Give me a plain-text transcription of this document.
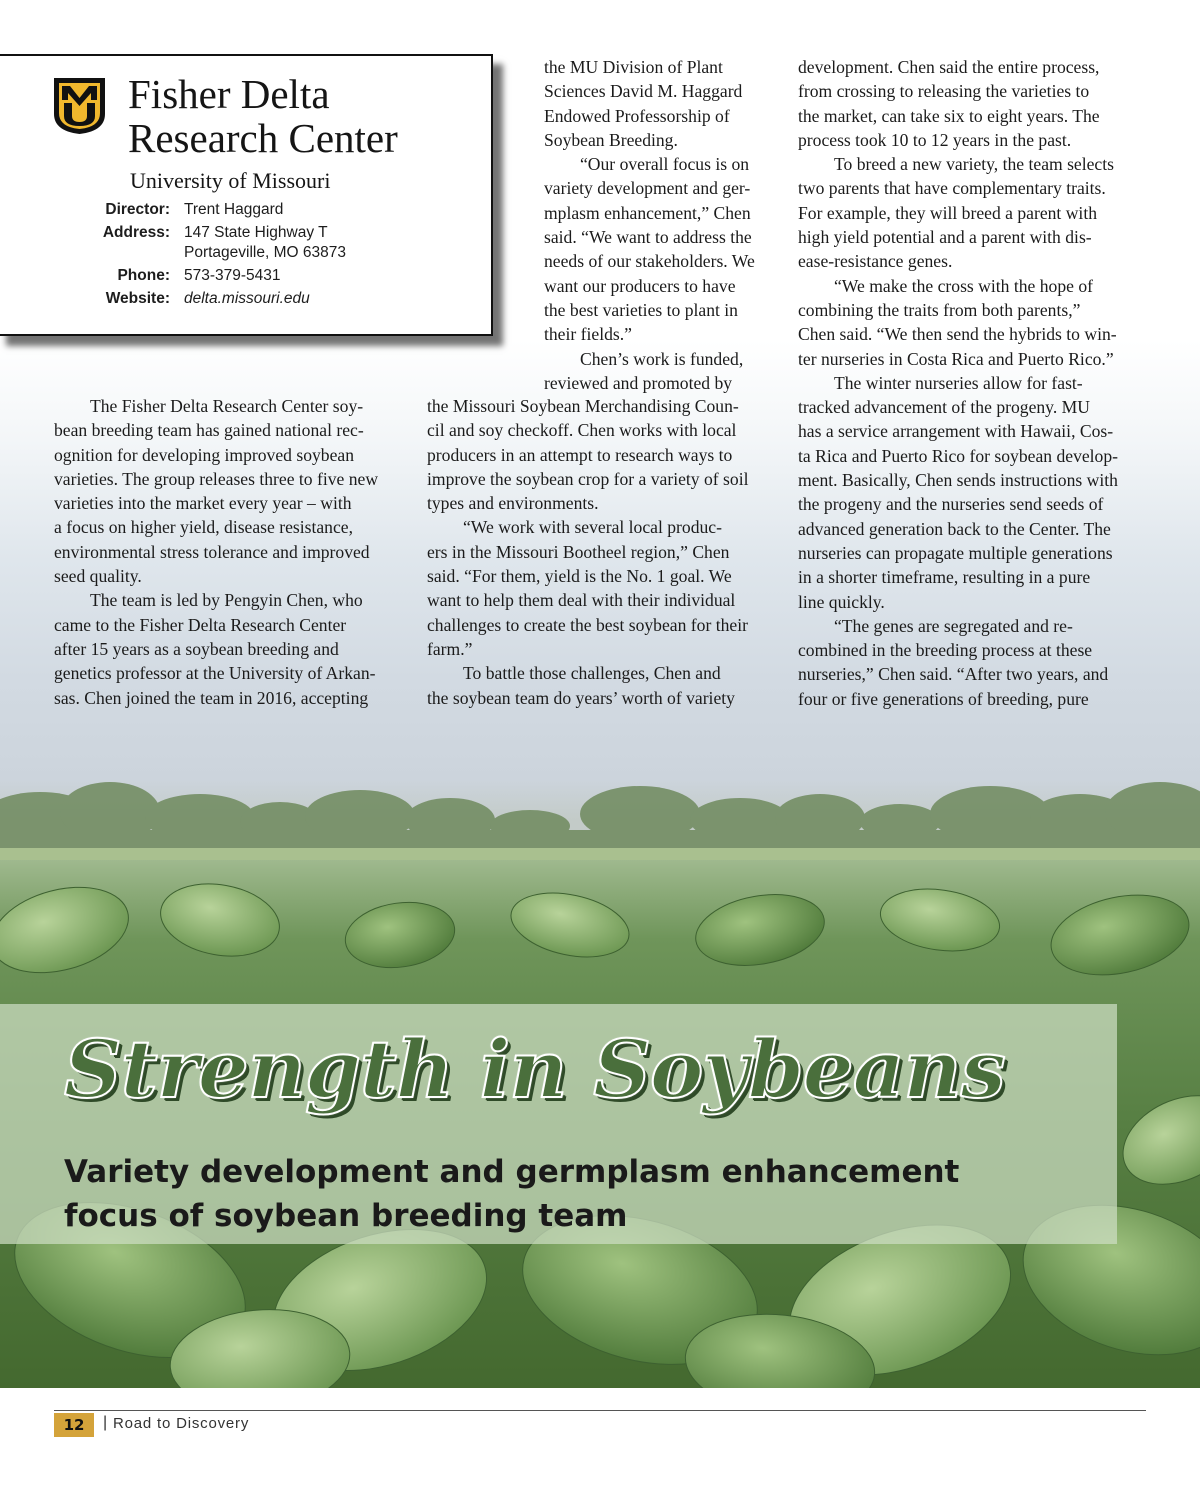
Fisher Delta
Research Center
University of Missouri
Director: Trent Haggard
Address: 147 State Highway T
Portageville, MO 63873
Phone: 573-379-5431
Website: delta.missouri.edu
The Fisher Delta Research Center soy-
bean breeding team has gained national rec-
ognition for developing improved soybean
varieties. The group releases three to five new
varieties into the market every year – with
a focus on higher yield, disease resistance,
environmental stress tolerance and improved
seed quality.
The team is led by Pengyin Chen, who
came to the Fisher Delta Research Center
after 15 years as a soybean breeding and
genetics professor at the University of Arkan-
sas. Chen joined the team in 2016, accepting
the MU Division of Plant
Sciences David M. Haggard
Endowed Professorship of
Soybean Breeding.
“Our overall focus is on
variety development and ger-
mplasm enhancement,” Chen
said. “We want to address the
needs of our stakeholders. We
want our producers to have
the best varieties to plant in
their fields.”
Chen’s work is funded,
reviewed and promoted by
the Missouri Soybean Merchandising Coun-
cil and soy checkoff. Chen works with local
producers in an attempt to research ways to
improve the soybean crop for a variety of soil
types and environments.
“We work with several local produc-
ers in the Missouri Bootheel region,” Chen
said. “For them, yield is the No. 1 goal. We
want to help them deal with their individual
challenges to create the best soybean for their
farm.”
To battle those challenges, Chen and
the soybean team do years’ worth of variety
development. Chen said the entire process,
from crossing to releasing the varieties to
the market, can take six to eight years. The
process took 10 to 12 years in the past.
To breed a new variety, the team selects
two parents that have complementary traits.
For example, they will breed a parent with
high yield potential and a parent with dis-
ease-resistance genes.
“We make the cross with the hope of
combining the traits from both parents,”
Chen said. “We then send the hybrids to win-
ter nurseries in Costa Rica and Puerto Rico.”
The winter nurseries allow for fast-
tracked advancement of the progeny. MU
has a service arrangement with Hawaii, Cos-
ta Rica and Puerto Rico for soybean develop-
ment. Basically, Chen sends instructions with
the progeny and the nurseries send seeds of
advanced generation back to the Center. The
nurseries can propagate multiple generations
in a shorter timeframe, resulting in a pure
line quickly.
“The genes are segregated and re-
combined in the breeding process at these
nurseries,” Chen said. “After two years, and
four or five generations of breeding, pure
Strength in Soybeans
Variety development and germplasm enhancement
focus of soybean breeding team
12	| Road to Discovery
